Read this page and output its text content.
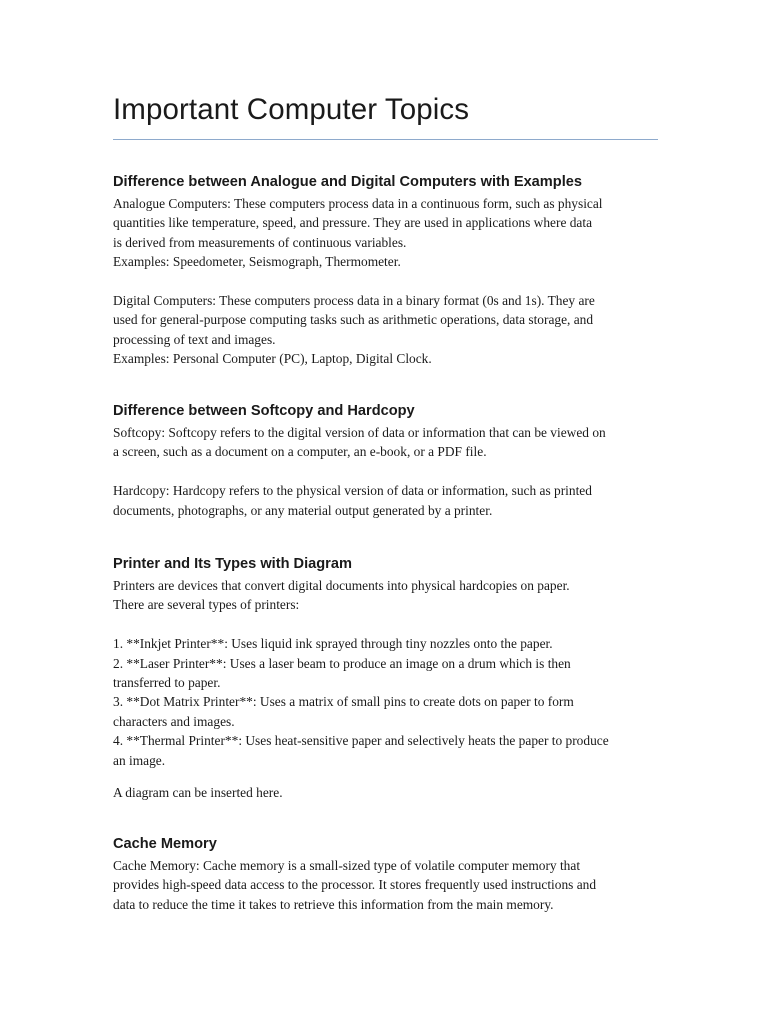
Important Computer Topics
Difference between Analogue and Digital Computers with Examples

Analogue Computers: These computers process data in a continuous form, such as physical
quantities like temperature, speed, and pressure. They are used in applications where data
is derived from measurements of continuous variables.
Examples: Speedometer, Seismograph, Thermometer.

Digital Computers: These computers process data in a binary format (0s and 1s). They are
used for general-purpose computing tasks such as arithmetic operations, data storage, and
processing of text and images.
Examples: Personal Computer (PC), Laptop, Digital Clock.

Difference between Softcopy and Hardcopy

Softcopy: Softcopy refers to the digital version of data or information that can be viewed on
a screen, such as a document on a computer, an e-book, or a PDF file.

Hardcopy: Hardcopy refers to the physical version of data or information, such as printed
documents, photographs, or any material output generated by a printer.

Printer and Its Types with Diagram

Printers are devices that convert digital documents into physical hardcopies on paper.
There are several types of printers:

1. **Inkjet Printer**: Uses liquid ink sprayed through tiny nozzles onto the paper.
2. **Laser Printer**: Uses a laser beam to produce an image on a drum which is then
transferred to paper.
3. **Dot Matrix Printer**: Uses a matrix of small pins to create dots on paper to form
characters and images.
4. **Thermal Printer**: Uses heat-sensitive paper and selectively heats the paper to produce
an image.

A diagram can be inserted here.

Cache Memory

Cache Memory: Cache memory is a small-sized type of volatile computer memory that
provides high-speed data access to the processor. It stores frequently used instructions and
data to reduce the time it takes to retrieve this information from the main memory.
